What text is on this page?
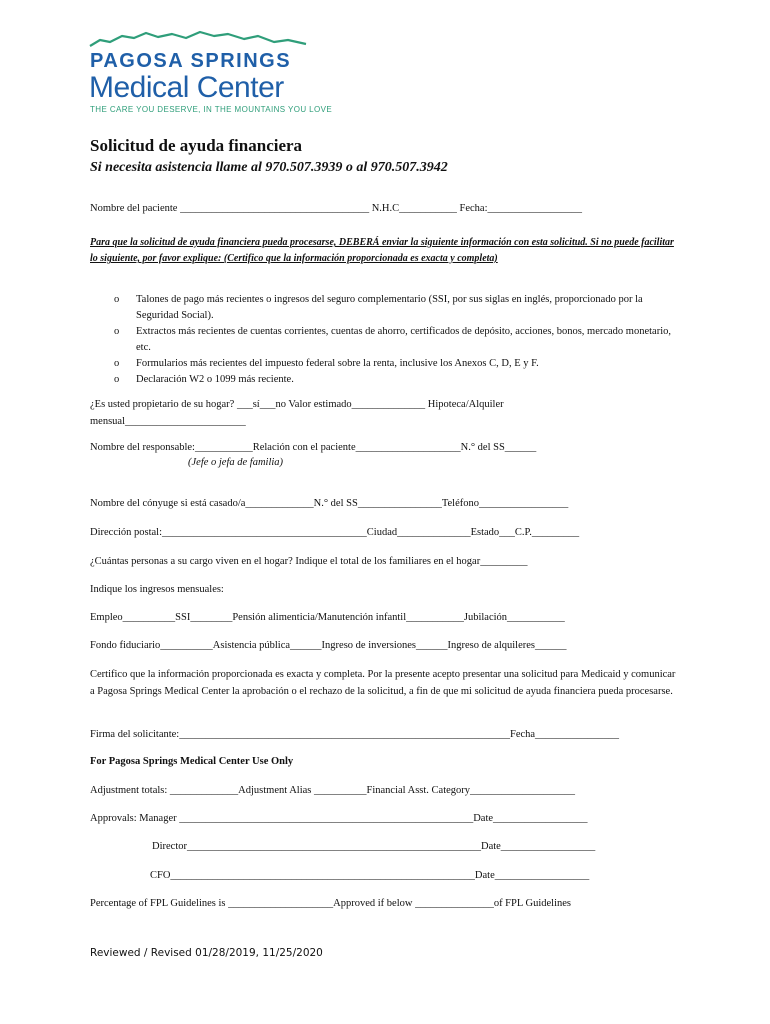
PAGOSA SPRINGS
Medical Center
THE CARE YOU DESERVE, IN THE MOUNTAINS YOU LOVE
Solicitud de ayuda financiera
Si necesita asistencia llame al 970.507.3939 o al 970.507.3942
Nombre del paciente ____________________________________ N.H.C___________ Fecha:__________________
Para que la solicitud de ayuda financiera pueda procesarse, DEBERÁ enviar la siguiente información con esta solicitud. Si no puede facilitar lo siguiente, por favor explique: (Certifico que la información proporcionada es exacta y completa)
o	Talones de pago más recientes o ingresos del seguro complementario (SSI, por sus siglas en inglés, proporcionado por la Seguridad Social).
o	Extractos más recientes de cuentas corrientes, cuentas de ahorro, certificados de depósito, acciones, bonos, mercado monetario, etc.
o	Formularios más recientes del impuesto federal sobre la renta, inclusive los Anexos C, D, E y F.
o	Declaración W2 o 1099 más reciente.
¿Es usted propietario de su hogar? ___sí___no Valor estimado______________ Hipoteca/Alquiler
mensual_______________________
Nombre del responsable:___________Relación con el paciente____________________N.° del SS______
(Jefe o jefa de familia)
Nombre del cónyuge si está casado/a_____________N.° del SS________________Teléfono_________________
Dirección postal:_______________________________________Ciudad______________Estado___C.P._________
¿Cuántas personas a su cargo viven en el hogar? Indique el total de los familiares en el hogar_________
Indique los ingresos mensuales:
Empleo__________SSI________Pensión alimenticia/Manutención infantil___________Jubilación___________
Fondo fiduciario__________Asistencia pública______Ingreso de inversiones______Ingreso de alquileres______
Certifico que la información proporcionada es exacta y completa. Por la presente acepto presentar una solicitud para Medicaid y comunicar a Pagosa Springs Medical Center la aprobación o el rechazo de la solicitud, a fin de que mi solicitud de ayuda financiera pueda procesarse.
Firma del solicitante:_______________________________________________________________Fecha________________
For Pagosa Springs Medical Center Use Only
Adjustment totals: _____________Adjustment Alias __________Financial Asst. Category____________________
Approvals: Manager ________________________________________________________Date__________________
Director________________________________________________________Date__________________
CFO__________________________________________________________Date__________________
Percentage of FPL Guidelines is ____________________Approved if below _______________of FPL Guidelines
Reviewed / Revised 01/28/2019, 11/25/2020
